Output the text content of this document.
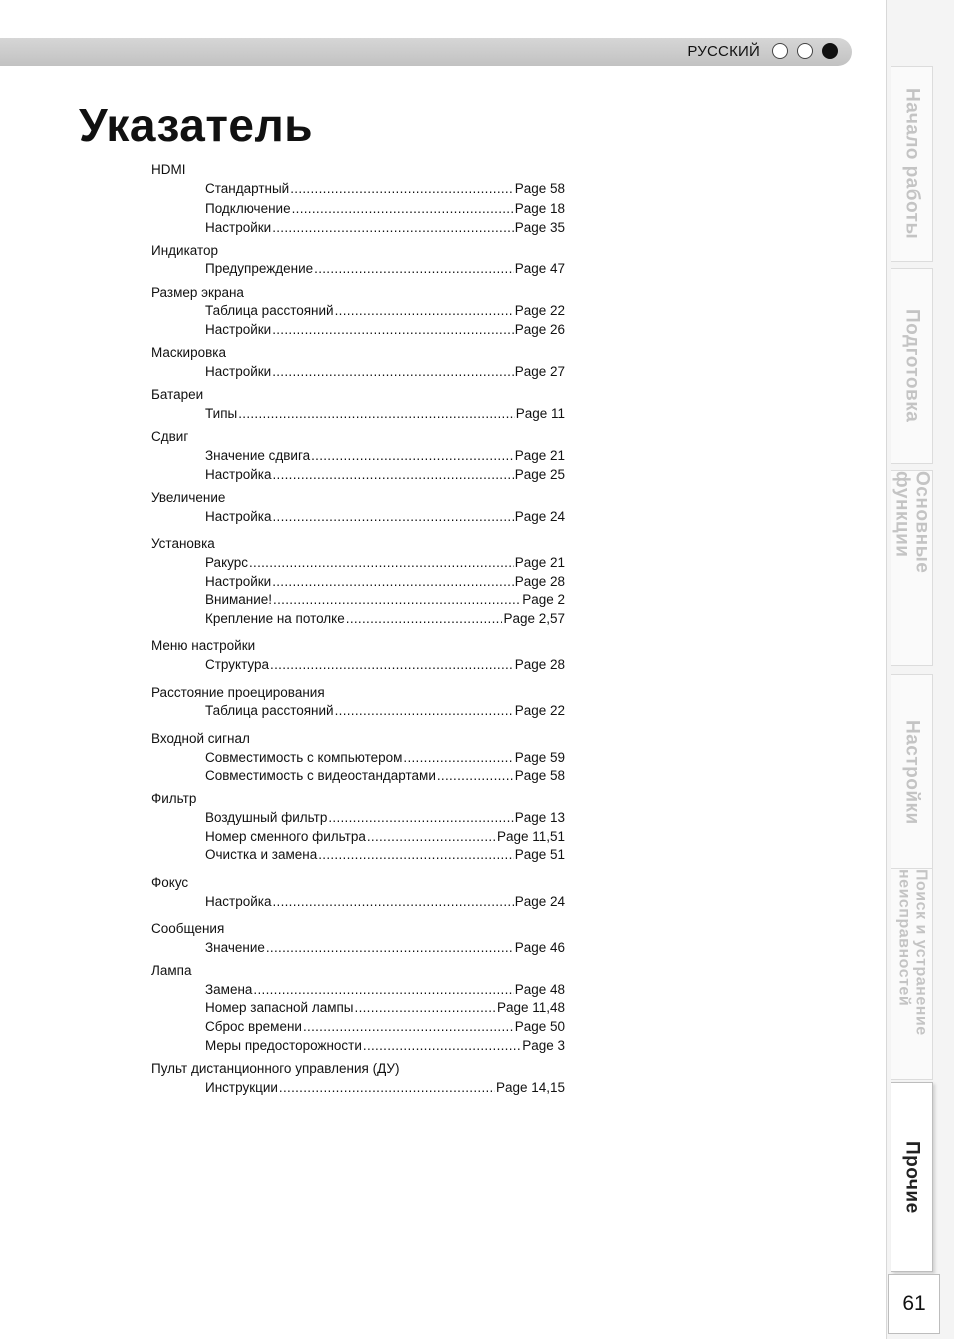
РУССКИЙ
Указатель
HDMI
Стандартный .....	Page 58
Подключение .....	Page 18
Настройки .....	Page 35
Индикатор
Предупреждение .....	Page 47
Размер экрана
Таблица расстояний .....	Page 22
Настройки .....	Page 26
Маскировка
Настройки .....	Page 27
Батареи
Типы .....	Page 11
Сдвиг
Значение сдвига .....	Page 21
Настройка .....	Page 25
Увеличение
Настройка .....	Page 24
Установка
Ракурс .....	Page 21
Настройки .....	Page 28
Внимание! .....	Page 2
Крепление на потолке .....	Page 2,57
Меню настройки
Структура .....	Page 28
Расстояние проецирования
Таблица расстояний .....	Page 22
Входной сигнал
Совместимость с компьютером .....	Page 59
Совместимость с видеостандартами .....	Page 58
Фильтр
Воздушный фильтр .....	Page 13
Номер сменного фильтра .....	Page 11,51
Очистка и замена .....	Page 51
Фокус
Настройка .....	Page 24
Сообщения
Значение .....	Page 46
Лампа
Замена .....	Page 48
Номер запасной лампы .....	Page 11,48
Сброс времени .....	Page 50
Меры предосторожности .....	Page 3
Пульт дистанционного управления (ДУ)
Инструкции .....	Page 14,15
Начало работы
Подготовка
Основные функции
Настройки
Поиск и устранение неисправностей
Прочие
61
